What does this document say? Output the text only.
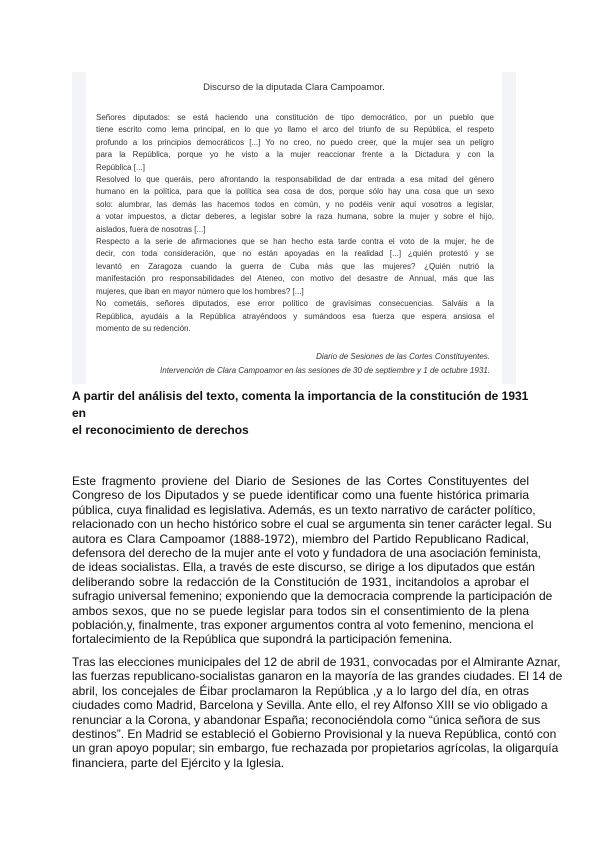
Discurso de la diputada Clara Campoamor.
Señores diputados: se está haciendo una constitución de tipo democrático, por un pueblo que
tiene escrito como lema principal, en lo que yo llamo el arco del triunfo de su República, el respeto
profundo a los principios democráticos [...] Yo no creo, no puedo creer, que la mujer sea un peligro
para la República, porque yo he visto a la mujer reaccionar frente a la Dictadura y con la
República [...]
Resolved lo que queráis, pero afrontando la responsabilidad de dar entrada a esa mitad del género
humano en la política, para que la política sea cosa de dos, porque sólo hay una cosa que un sexo
solo: alumbrar, las demás las hacemos todos en común, y no podéis venir aquí vosotros a legislar,
a votar impuestos, a dictar deberes, a legislar sobre la raza humana, sobre la mujer y sobre el hijo,
aislados, fuera de nosotras [...]
Respecto a la serie de afirmaciones que se han hecho esta tarde contra el voto de la mujer, he de
decir, con toda consideración, que no están apoyadas en la realidad [...] ¿quién protestó y se
levantó en Zaragoza cuando la guerra de Cuba más que las mujeres? ¿Quién nutrió la
manifestación pro responsabilidades del Ateneo, con motivo del desastre de Annual, más que las
mujeres, que iban en mayor número que los hombres? [...]
No cometáis, señores diputados, ese error político de gravísimas consecuencias. Salváis a la
República, ayudáis a la República atrayéndoos y sumándoos esa fuerza que espera ansiosa el
momento de su redención.
Diario de Sesiones de las Cortes Constituyentes.
Intervención de Clara Campoamor en las sesiones de 30 de septiembre y 1 de octubre 1931.
A partir del análisis del texto, comenta la importancia de la constitución de 1931 en
el reconocimiento de derechos
Este fragmento proviene del Diario de Sesiones de las Cortes Constituyentes del
Congreso de los Diputados y se puede identificar como una fuente histórica primaria
pública, cuya finalidad es legislativa. Además, es un texto narrativo de carácter político,
relacionado con un hecho histórico sobre el cual se argumenta sin tener carácter legal. Su
autora es Clara Campoamor (1888-1972), miembro del Partido Republicano Radical,
defensora del derecho de la mujer ante el voto y fundadora de una asociación feminista,
de ideas socialistas. Ella, a través de este discurso, se dirige a los diputados que están
deliberando sobre la redacción de la Constitución de 1931, incitandolos a aprobar el
sufragio universal femenino; exponiendo que la democracia comprende la participación de
ambos sexos, que no se puede legislar para todos sin el consentimiento de la plena
población,y, finalmente, tras exponer argumentos contra al voto femenino, menciona el
fortalecimiento de la República que supondrá la participación femenina.
Tras las elecciones municipales del 12 de abril de 1931, convocadas por el Almirante Aznar,
las fuerzas republicano-socialistas ganaron en la mayoría de las grandes ciudades. El 14 de
abril, los concejales de Éibar proclamaron la República ,y a lo largo del día, en otras
ciudades como Madrid, Barcelona y Sevilla. Ante ello, el rey Alfonso XIII se vio obligado a
renunciar a la Corona, y abandonar España; reconociéndola como “única señora de sus
destinos”. En Madrid se estableció el Gobierno Provisional y la nueva República, contó con
un gran apoyo popular; sin embargo, fue rechazada por propietarios agrícolas, la oligarquía
financiera, parte del Ejército y la Iglesia.
